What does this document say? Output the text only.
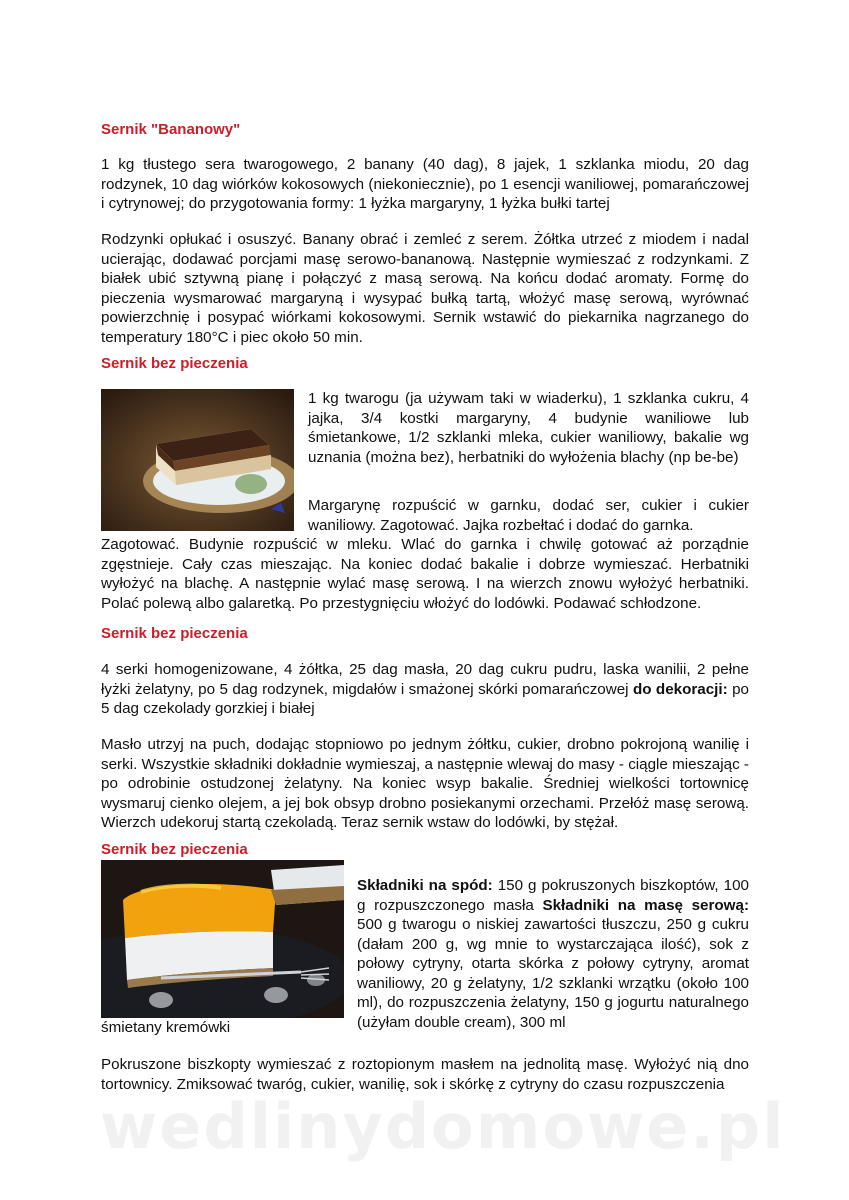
Sernik "Bananowy"

1 kg tłustego sera twarogowego, 2 banany (40 dag), 8 jajek, 1 szklanka miodu, 20 dag rodzynek, 10 dag wiórków kokosowych (niekoniecznie), po 1 esencji waniliowej, pomarańczowej i cytrynowej; do przygotowania formy: 1 łyżka margaryny, 1 łyżka bułki tartej

Rodzynki opłukać i osuszyć. Banany obrać i zemleć z serem. Żółtka utrzeć z miodem i nadal ucierając, dodawać porcjami masę serowo-bananową. Następnie wymieszać z rodzynkami. Z białek ubić sztywną pianę i połączyć z masą serową. Na końcu dodać aromaty. Formę do pieczenia wysmarować margaryną i wysypać bułką tartą, włożyć masę serową, wyrównać powierzchnię i posypać wiórkami kokosowymi. Sernik wstawić do piekarnika nagrzanego do temperatury 180°C i piec około 50 min.

Sernik bez pieczenia

1 kg twarogu (ja używam taki w wiaderku), 1 szklanka cukru, 4 jajka, 3/4 kostki margaryny, 4 budynie waniliowe lub śmietankowe, 1/2 szklanki mleka, cukier waniliowy, bakalie wg uznania (można bez), herbatniki do wyłożenia blachy (np be-be)

Margarynę rozpuścić w garnku, dodać ser, cukier i cukier waniliowy. Zagotować. Jajka rozbełtać i dodać do garnka.

Zagotować. Budynie rozpuścić w mleku. Wlać do garnka i chwilę gotować aż porządnie zgęstnieje. Cały czas mieszając. Na koniec dodać bakalie i dobrze wymieszać. Herbatniki wyłożyć na blachę. A następnie wylać masę serową. I na wierzch znowu wyłożyć herbatniki. Polać polewą albo galaretką. Po przestygnięciu włożyć do lodówki. Podawać schłodzone.

Sernik bez pieczenia

4 serki homogenizowane, 4 żółtka, 25 dag masła, 20 dag cukru pudru, laska wanilii, 2 pełne łyżki żelatyny, po 5 dag rodzynek, migdałów i smażonej skórki pomarańczowej do dekoracji: po 5 dag czekolady gorzkiej i białej

Masło utrzyj na puch, dodając stopniowo po jednym żółtku, cukier, drobno pokrojoną wanilię i serki. Wszystkie składniki dokładnie wymieszaj, a następnie wlewaj do masy - ciągle mieszając - po odrobinie ostudzonej żelatyny. Na koniec wsyp bakalie. Średniej wielkości tortownicę wysmaruj cienko olejem, a jej bok obsyp drobno posiekanymi orzechami. Przełóż masę serową. Wierzch udekoruj startą czekoladą. Teraz sernik wstaw do lodówki, by stężał.

Sernik bez pieczenia

Składniki na spód: 150 g pokruszonych biszkoptów, 100 g rozpuszczonego masła Składniki na masę serową: 500 g twarogu o niskiej zawartości tłuszczu, 250 g cukru (dałam 200 g, wg mnie to wystarczająca ilość), sok z połowy cytryny, otarta skórka z połowy cytryny, aromat waniliowy, 20 g żelatyny, 1/2 szklanki wrzątku (około 100 ml), do rozpuszczenia żelatyny, 150 g jogurtu naturalnego (użyłam double cream), 300 ml

śmietany kremówki

Pokruszone biszkopty wymieszać z roztopionym masłem na jednolitą masę. Wyłożyć nią dno tortownicy. Zmiksować twaróg, cukier, wanilię, sok i skórkę z cytryny do czasu rozpuszczenia

wedlinydomowe.pl
